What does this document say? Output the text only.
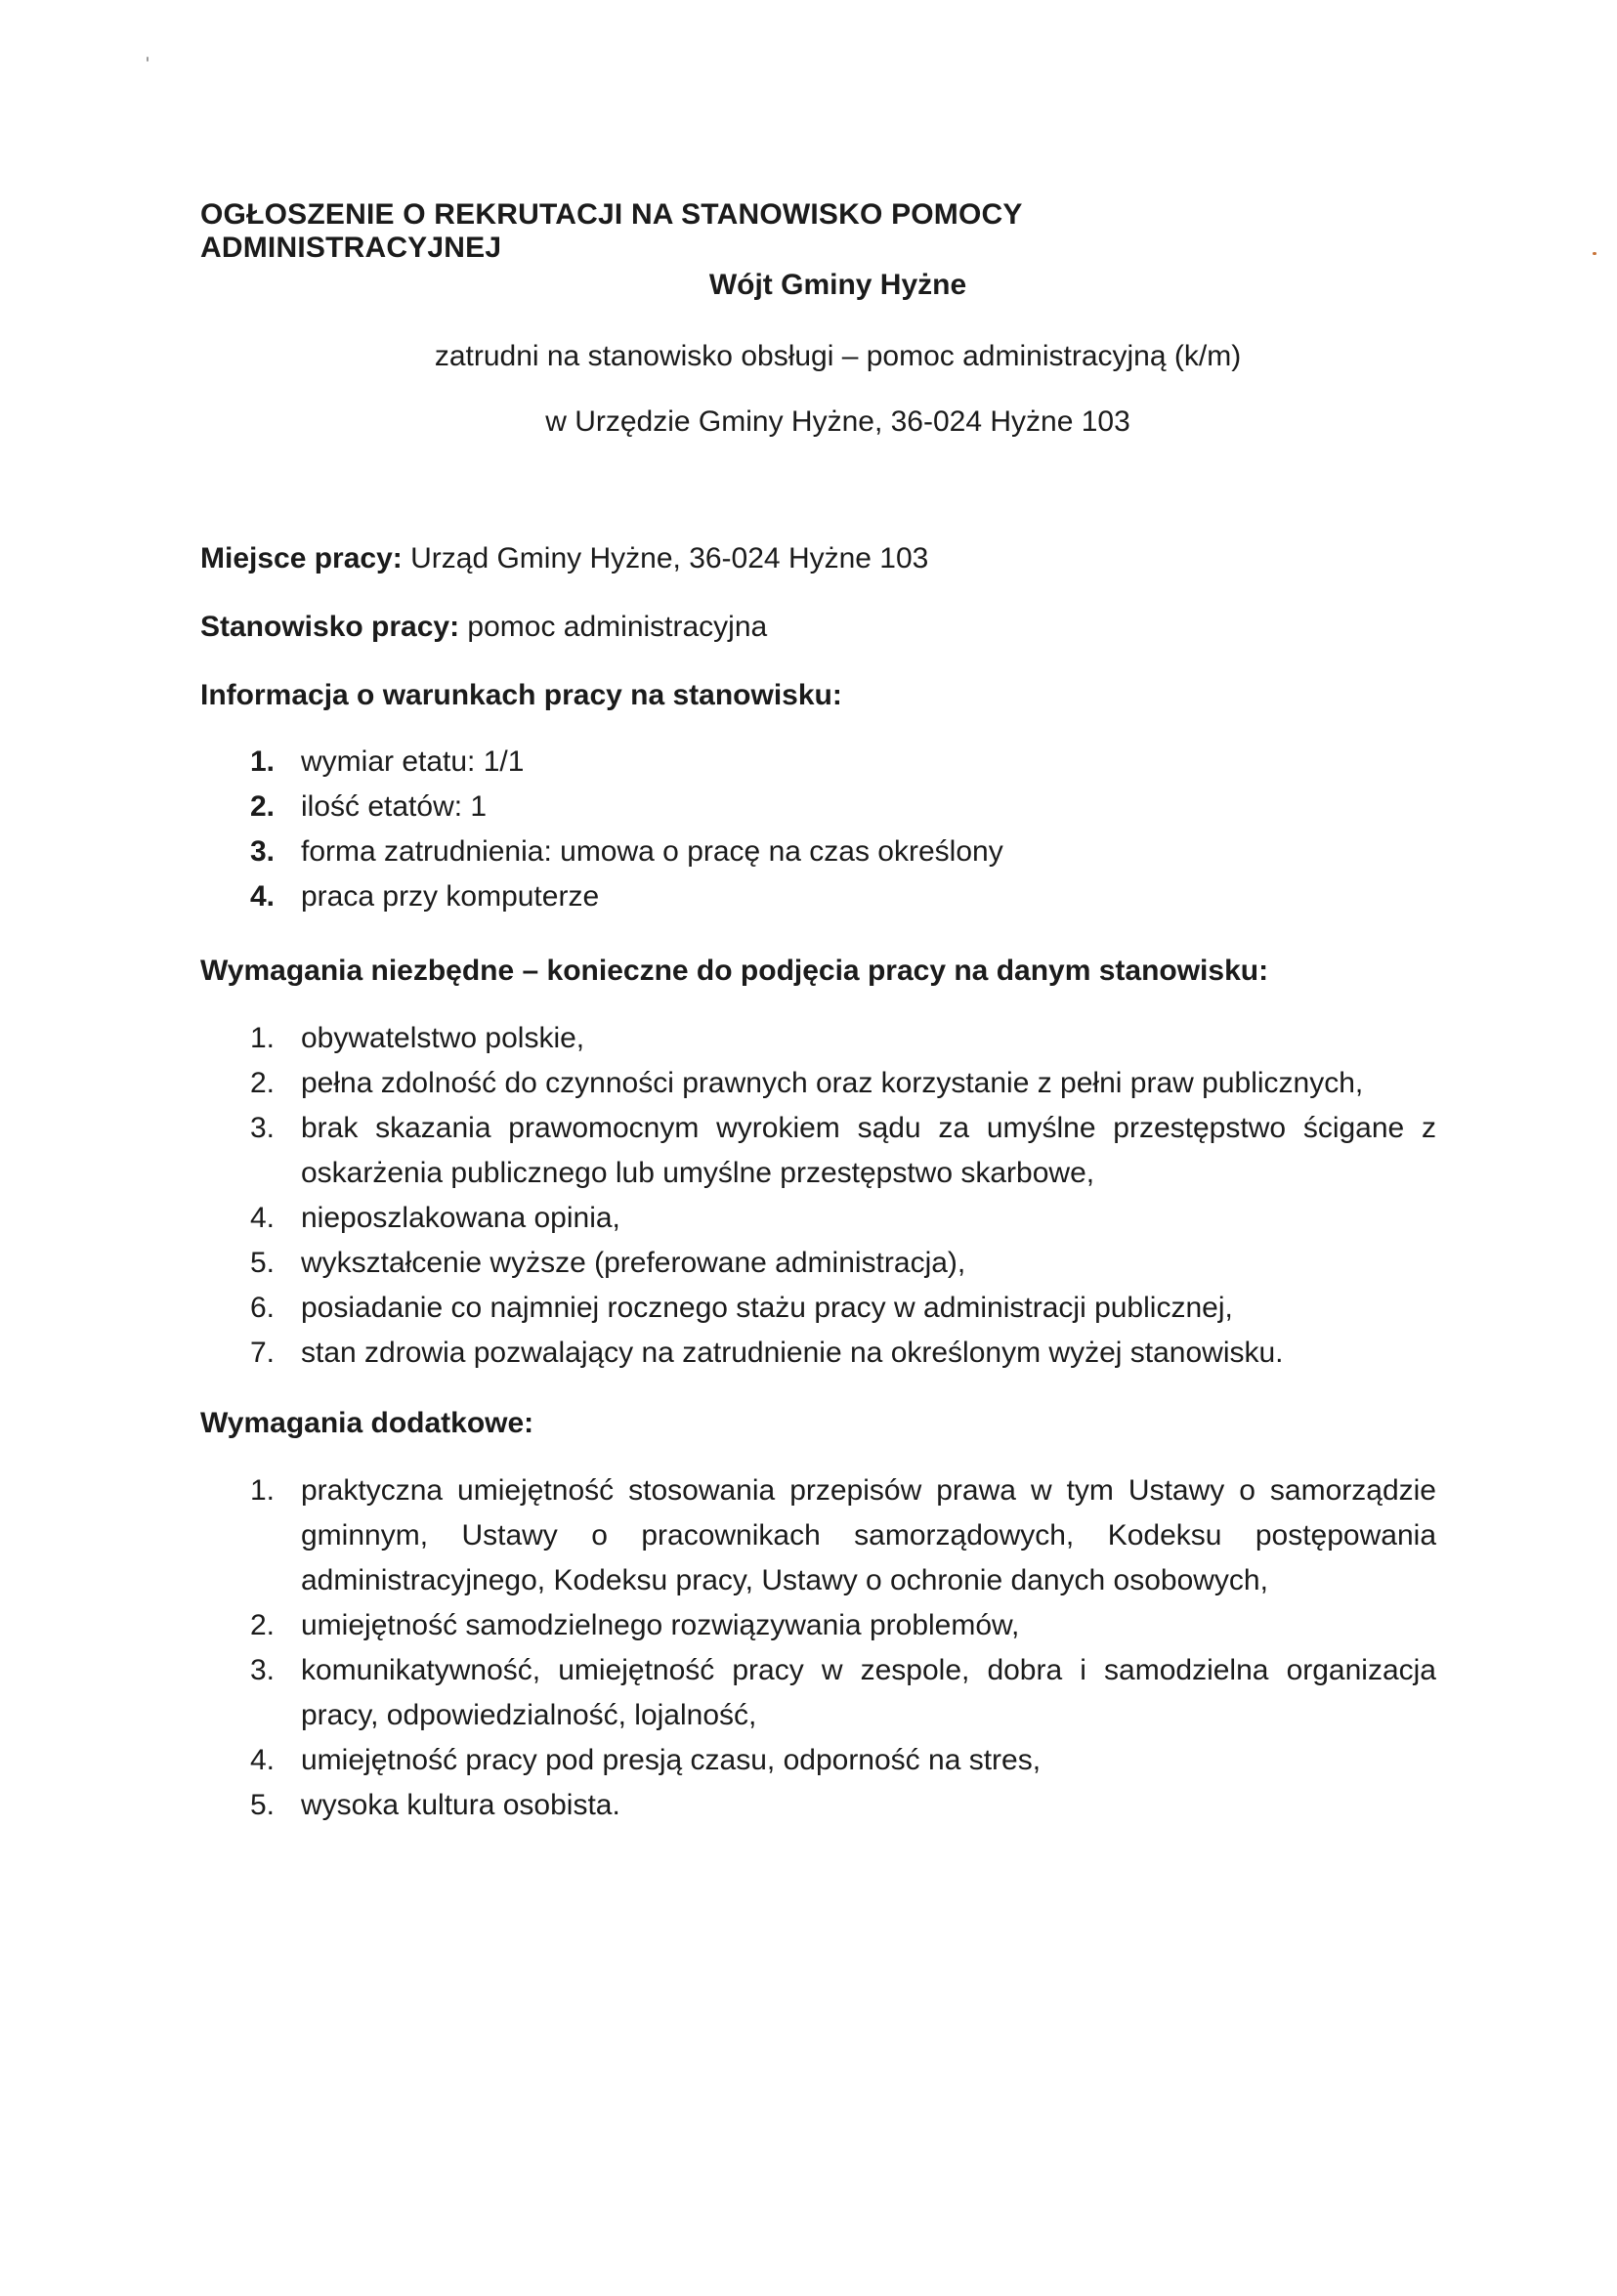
OGŁOSZENIE O REKRUTACJI NA STANOWISKO POMOCY ADMINISTRACYJNEJ

Wójt Gminy Hyżne

zatrudni na stanowisko obsługi – pomoc administracyjną (k/m)

w Urzędzie Gminy Hyżne, 36-024 Hyżne 103

Miejsce pracy: Urząd Gminy Hyżne, 36-024 Hyżne 103

Stanowisko pracy: pomoc administracyjna

Informacja o warunkach pracy na stanowisku:
1. wymiar etatu: 1/1
2. ilość etatów: 1
3. forma zatrudnienia: umowa o pracę na czas określony
4. praca przy komputerze
Wymagania niezbędne – konieczne do podjęcia pracy na danym stanowisku:
1. obywatelstwo polskie,
2. pełna zdolność do czynności prawnych oraz korzystanie z pełni praw publicznych,
3. brak skazania prawomocnym wyrokiem sądu za umyślne przestępstwo ścigane z oskarżenia publicznego lub umyślne przestępstwo skarbowe,
4. nieposzlakowana opinia,
5. wykształcenie wyższe (preferowane administracja),
6. posiadanie co najmniej rocznego stażu pracy w administracji publicznej,
7. stan zdrowia pozwalający na zatrudnienie na określonym wyżej stanowisku.
Wymagania dodatkowe:
1. praktyczna umiejętność stosowania przepisów prawa w tym Ustawy o samorządzie gminnym, Ustawy o pracownikach samorządowych, Kodeksu postępowania administracyjnego, Kodeksu pracy, Ustawy o ochronie danych osobowych,
2. umiejętność samodzielnego rozwiązywania problemów,
3. komunikatywność, umiejętność pracy w zespole, dobra i samodzielna organizacja pracy, odpowiedzialność, lojalność,
4. umiejętność pracy pod presją czasu, odporność na stres,
5. wysoka kultura osobista.
